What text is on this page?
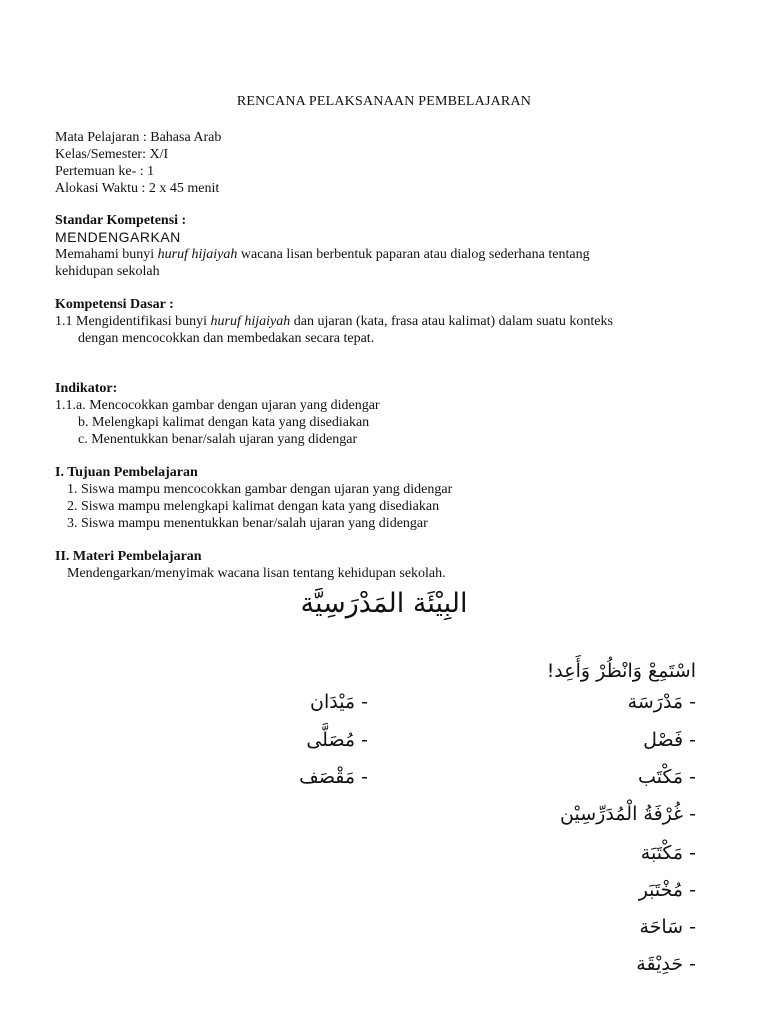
RENCANA PELAKSANAAN PEMBELAJARAN

Mata Pelajaran : Bahasa Arab

Kelas/Semester: X/I

Pertemuan ke- : 1

Alokasi Waktu : 2 x 45 menit

Standar Kompetensi :

MENDENGARKAN

Memahami bunyi huruf hijaiyah wacana lisan berbentuk paparan atau dialog sederhana tentang

kehidupan sekolah

Kompetensi Dasar :

1.1 Mengidentifikasi bunyi huruf hijaiyah dan ujaran (kata, frasa atau kalimat) dalam suatu konteks

dengan mencocokkan dan membedakan secara tepat.

Indikator:

1.1.a. Mencocokkan gambar dengan ujaran yang didengar

b. Melengkapi kalimat dengan kata yang disediakan

c. Menentukkan benar/salah ujaran yang didengar

I. Tujuan Pembelajaran

1. Siswa mampu mencocokkan gambar dengan ujaran yang didengar

2. Siswa mampu melengkapi kalimat dengan kata yang disediakan

3. Siswa mampu menentukkan benar/salah ujaran yang didengar

II. Materi Pembelajaran

Mendengarkan/menyimak wacana lisan tentang kehidupan sekolah.

البِيْئَة المَدْرَسِيَّة
اسْتَمِعْ وَانْظُرْ وَأَعِد!
- مَدْرَسَة
- فَصْل
- مَكْتَب
- غُرْفَةُ الْمُدَرِّسِيْن
- مَكْتَبَة
- مُخْتَبَر
- سَاحَة
- حَدِيْقَة
- مَيْدَان
- مُصَلَّى
- مَقْصَف
